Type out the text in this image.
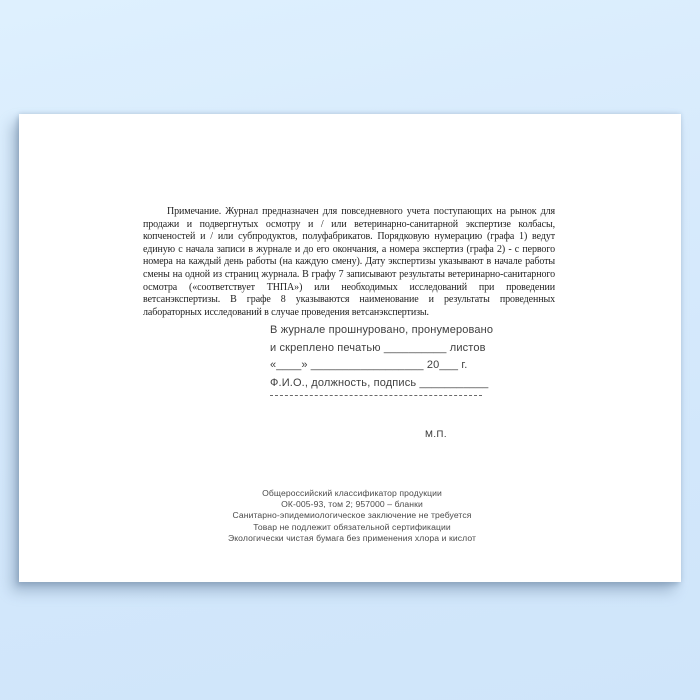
Примечание. Журнал предназначен для повседневного учета поступающих на рынок для продажи и подвергнутых осмотру и / или ветеринарно-санитарной экспертизе колбасы, копченостей и / или субпродуктов, полуфабрикатов. Порядковую нумерацию (графа 1) ведут единую с начала записи в журнале и до его окончания, а номера экспертиз (графа 2) - с первого номера на каждый день работы (на каждую смену). Дату экспертизы указывают в начале работы смены на одной из страниц журнала. В графу 7 записывают результаты ветеринарно-санитарного осмотра («соответствует ТНПА») или необходимых исследований при проведении ветсанэкспертизы. В графе 8 указываются наименование и результаты проведенных лабораторных исследований в случае проведения ветсанэкспертизы.

В журнале прошнуровано, пронумеровано
и скреплено печатью __________ листов
«____» __________________ 20___ г.
Ф.И.О., должность, подпись ___________
М.П.
Общероссийский классификатор продукции
ОК-005-93, том 2; 957000 – бланки
Санитарно-эпидемиологическое заключение не требуется
Товар не подлежит обязательной сертификации
Экологически чистая бумага без применения хлора и кислот
